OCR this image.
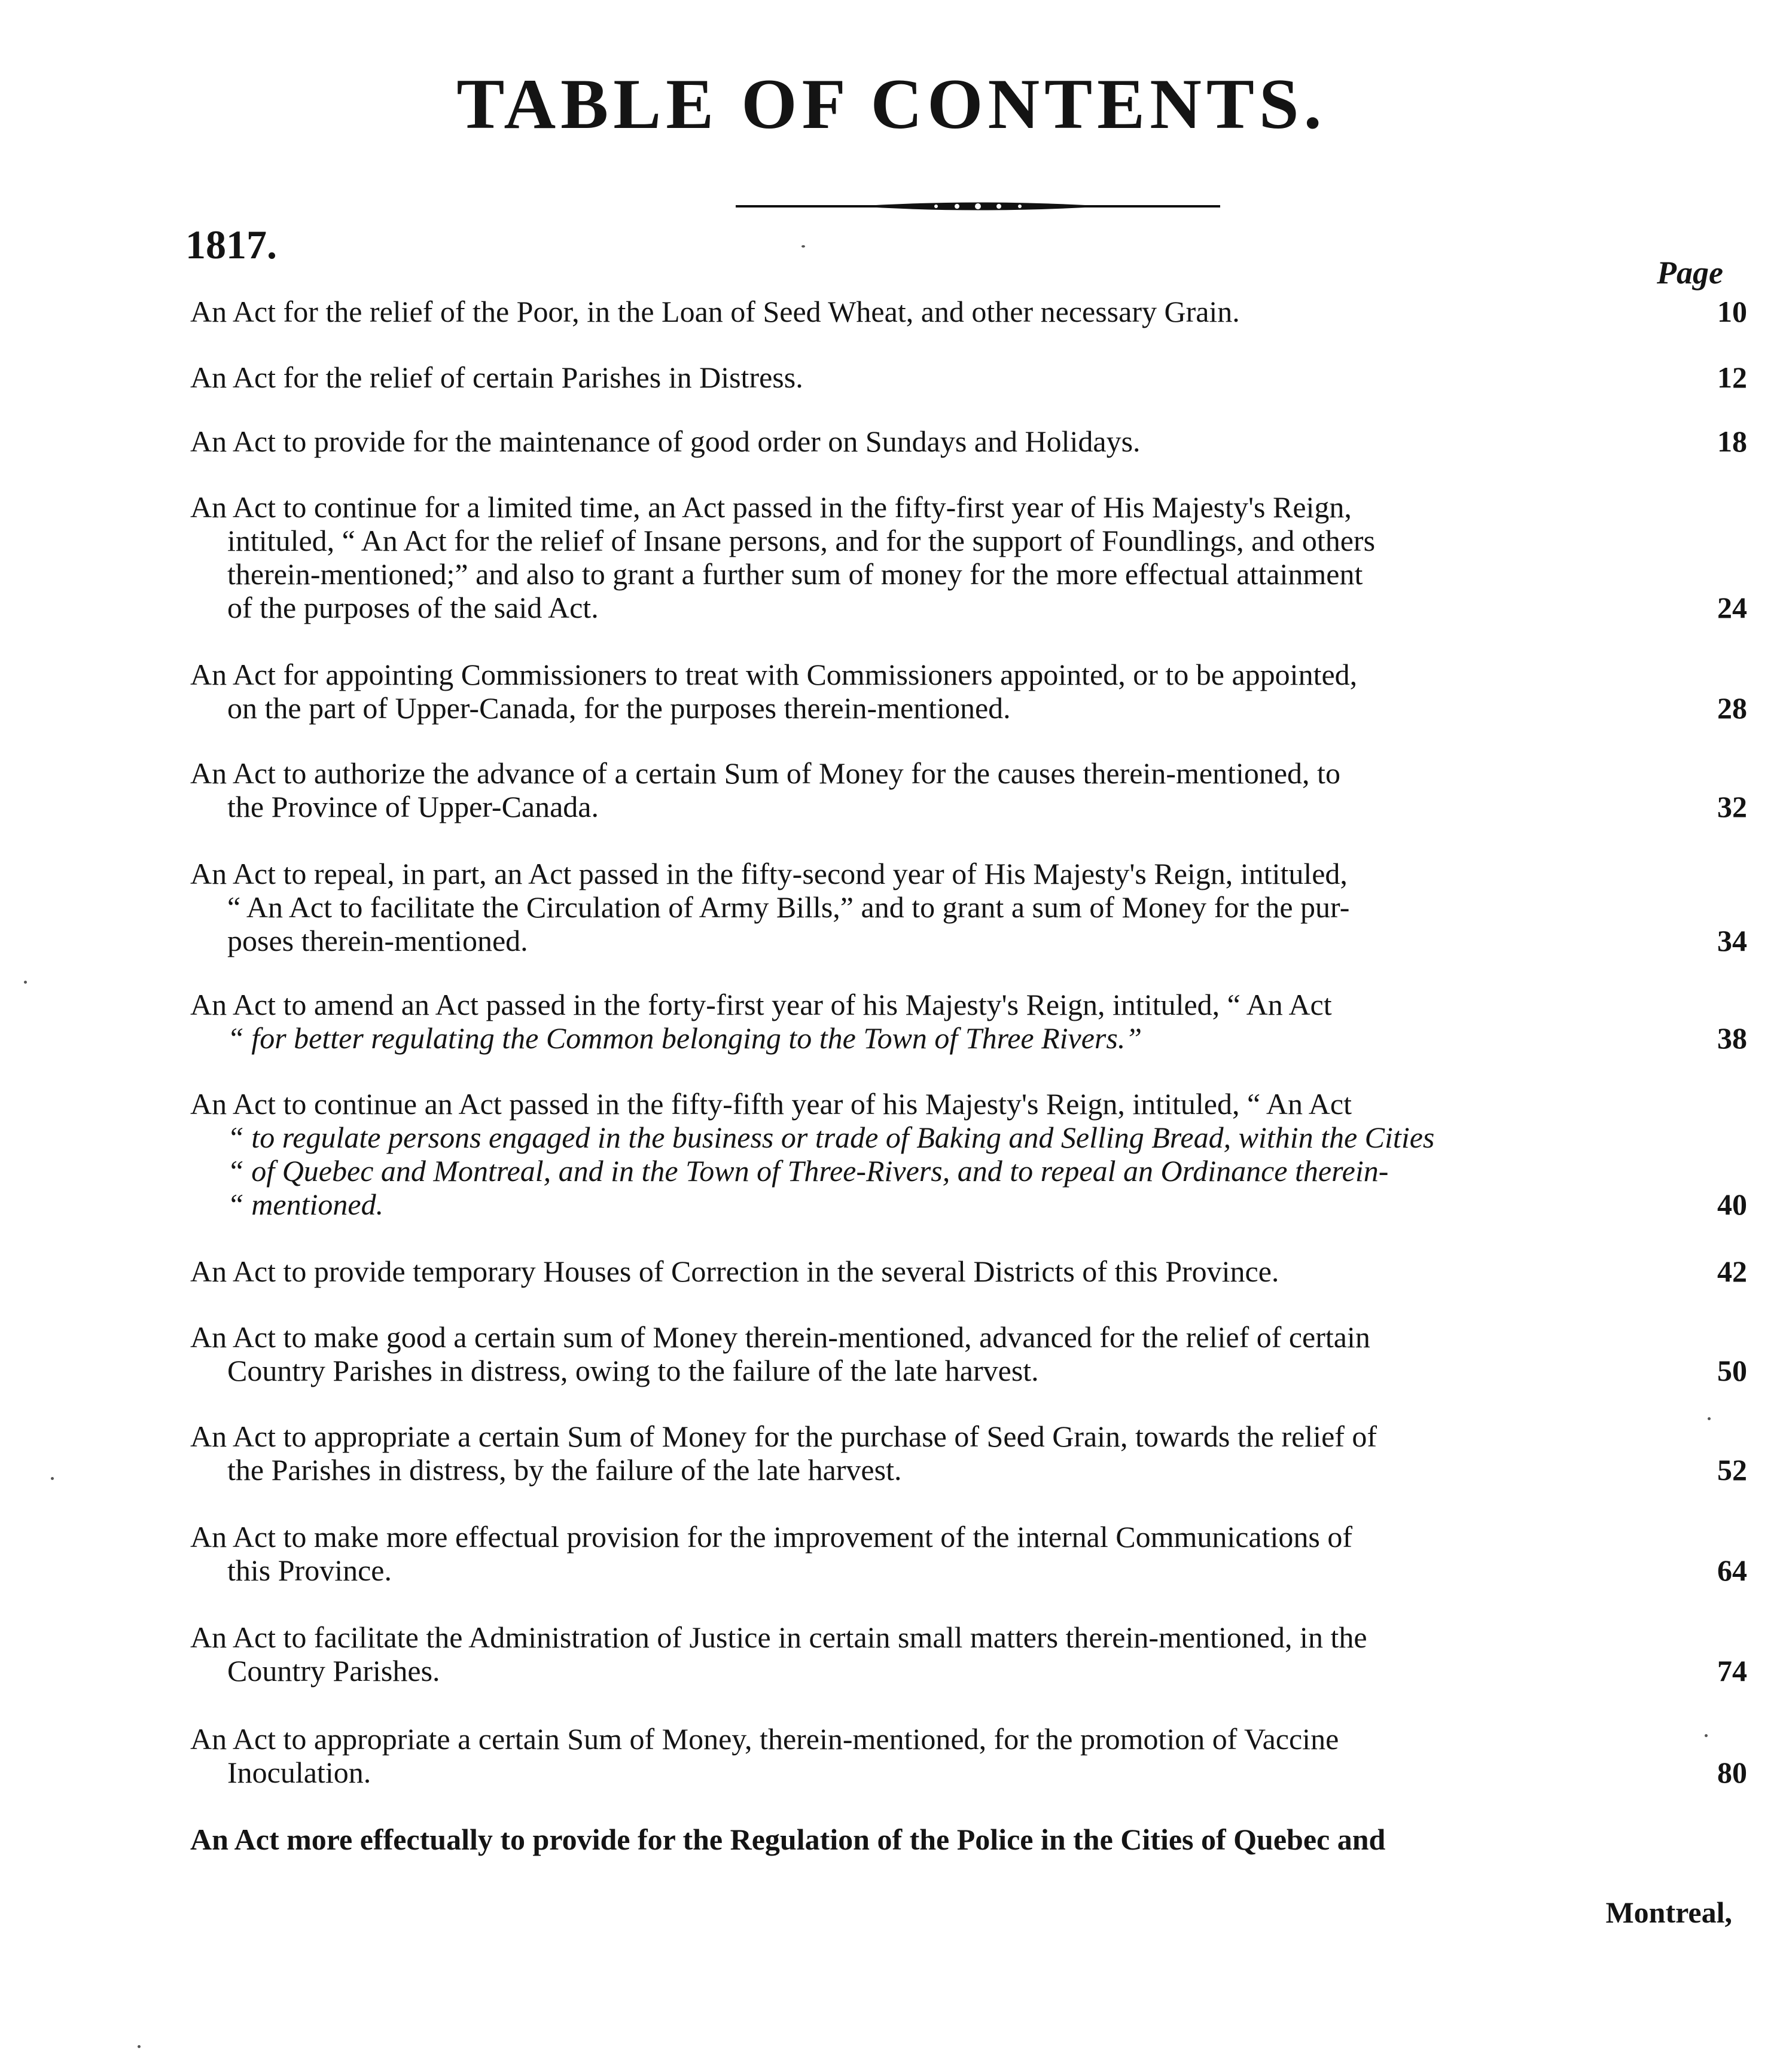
TABLE OF CONTENTS.
1817.
Page
An Act for the relief of the Poor, in the Loan of Seed Wheat, and other necessary Grain.	10
An Act for the relief of certain Parishes in Distress.	12
An Act to provide for the maintenance of good order on Sundays and Holidays.	18
An Act to continue for a limited time, an Act passed in the fifty-first year of His Majesty's Reign,
intituled, “ An Act for the relief of Insane persons, and for the support of Foundlings, and others
therein-mentioned;” and also to grant a further sum of money for the more effectual attainment
of the purposes of the said Act.	24
An Act for appointing Commissioners to treat with Commissioners appointed, or to be appointed,
on the part of Upper-Canada, for the purposes therein-mentioned.	28
An Act to authorize the advance of a certain Sum of Money for the causes therein-mentioned, to
the Province of Upper-Canada.	32
An Act to repeal, in part, an Act passed in the fifty-second year of His Majesty's Reign, intituled,
“ An Act to facilitate the Circulation of Army Bills,” and to grant a sum of Money for the pur-
poses therein-mentioned.	34
An Act to amend an Act passed in the forty-first year of his Majesty's Reign, intituled, “ An Act
“ for better regulating the Common belonging to the Town of Three Rivers.”	38
An Act to continue an Act passed in the fifty-fifth year of his Majesty's Reign, intituled, “ An Act
“ to regulate persons engaged in the business or trade of Baking and Selling Bread, within the Cities
“ of Quebec and Montreal, and in the Town of Three-Rivers, and to repeal an Ordinance therein-
“ mentioned.	40
An Act to provide temporary Houses of Correction in the several Districts of this Province.	42
An Act to make good a certain sum of Money therein-mentioned, advanced for the relief of certain
Country Parishes in distress, owing to the failure of the late harvest.	50
An Act to appropriate a certain Sum of Money for the purchase of Seed Grain, towards the relief of
the Parishes in distress, by the failure of the late harvest.	52
An Act to make more effectual provision for the improvement of the internal Communications of
this Province.	64
An Act to facilitate the Administration of Justice in certain small matters therein-mentioned, in the
Country Parishes.	74
An Act to appropriate a certain Sum of Money, therein-mentioned, for the promotion of Vaccine
Inoculation.	80
An Act more effectually to provide for the Regulation of the Police in the Cities of Quebec and
Montreal,
